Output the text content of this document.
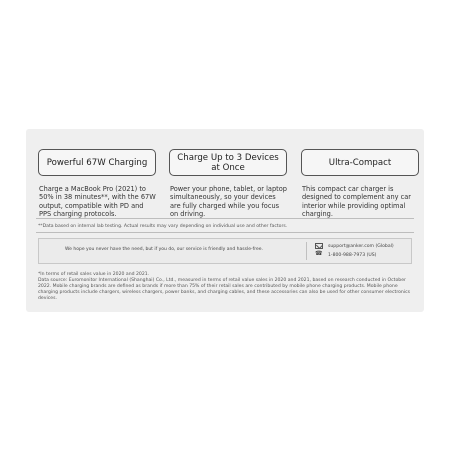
Powerful 67W Charging
Charge a MacBook Pro (2021) to 50% in 38 minutes**, with the 67W output, compatible with PD and PPS charging protocols.
Charge Up to 3 Devices at Once
Power your phone, tablet, or laptop simultaneously, so your devices are fully charged while you focus on driving.
Ultra-Compact
This compact car charger is designed to complement any car interior while providing optimal charging.
**Data based on internal lab testing. Actual results may vary depending on individual use and other factors.
We hope you never have the need, but if you do, our service is friendly and hassle-free.
support@anker.com (Global)
☎
1-800-988-7973 (US)
*In terms of retail sales value in 2020 and 2021.
Data source: Euromonitor International (Shanghai) Co., Ltd., measured in terms of retail value sales in 2020 and 2021, based on research conducted in October 2022. Mobile charging brands are defined as brands if more than 75% of their retail sales are contributed by mobile phone charging products. Mobile phone charging products include chargers, wireless chargers, power banks, and charging cables, and these accessories can also be used for other consumer electronics devices.
